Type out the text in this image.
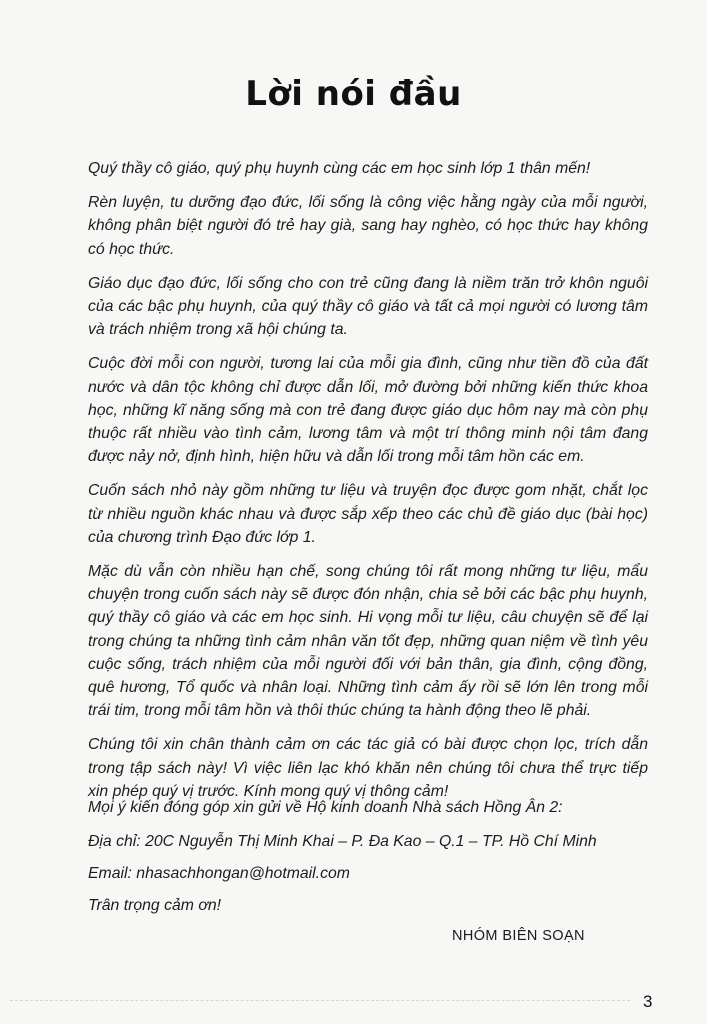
Lời nói đầu

Quý thầy cô giáo, quý phụ huynh cùng các em học sinh lớp 1 thân mến!

Rèn luyện, tu dưỡng đạo đức, lối sống là công việc hằng ngày của mỗi người, không phân biệt người đó trẻ hay già, sang hay nghèo, có học thức hay không có học thức.

Giáo dục đạo đức, lối sống cho con trẻ cũng đang là niềm trăn trở khôn nguôi của các bậc phụ huynh, của quý thầy cô giáo và tất cả mọi người có lương tâm và trách nhiệm trong xã hội chúng ta.

Cuộc đời mỗi con người, tương lai của mỗi gia đình, cũng như tiền đồ của đất nước và dân tộc không chỉ được dẫn lối, mở đường bởi những kiến thức khoa học, những kĩ năng sống mà con trẻ đang được giáo dục hôm nay mà còn phụ thuộc rất nhiều vào tình cảm, lương tâm và một trí thông minh nội tâm đang được nảy nở, định hình, hiện hữu và dẫn lối trong mỗi tâm hồn các em.

Cuốn sách nhỏ này gồm những tư liệu và truyện đọc được gom nhặt, chắt lọc từ nhiều nguồn khác nhau và được sắp xếp theo các chủ đề giáo dục (bài học) của chương trình Đạo đức lớp 1.

Mặc dù vẫn còn nhiều hạn chế, song chúng tôi rất mong những tư liệu, mẩu chuyện trong cuốn sách này sẽ được đón nhận, chia sẻ bởi các bậc phụ huynh, quý thầy cô giáo và các em học sinh. Hi vọng mỗi tư liệu, câu chuyện sẽ để lại trong chúng ta những tình cảm nhân văn tốt đẹp, những quan niệm về tình yêu cuộc sống, trách nhiệm của mỗi người đối với bản thân, gia đình, cộng đồng, quê hương, Tổ quốc và nhân loại. Những tình cảm ấy rồi sẽ lớn lên trong mỗi trái tim, trong mỗi tâm hồn và thôi thúc chúng ta hành động theo lẽ phải.

Chúng tôi xin chân thành cảm ơn các tác giả có bài được chọn lọc, trích dẫn trong tập sách này! Vì việc liên lạc khó khăn nên chúng tôi chưa thể trực tiếp xin phép quý vị trước. Kính mong quý vị thông cảm!

Mọi ý kiến đóng góp xin gửi về Hộ kinh doanh Nhà sách Hồng Ân 2:
Địa chỉ: 20C Nguyễn Thị Minh Khai – P. Đa Kao – Q.1 – TP. Hồ Chí Minh
Email: nhasachhongan@hotmail.com
Trân trọng cảm ơn!
NHÓM BIÊN SOẠN
3
